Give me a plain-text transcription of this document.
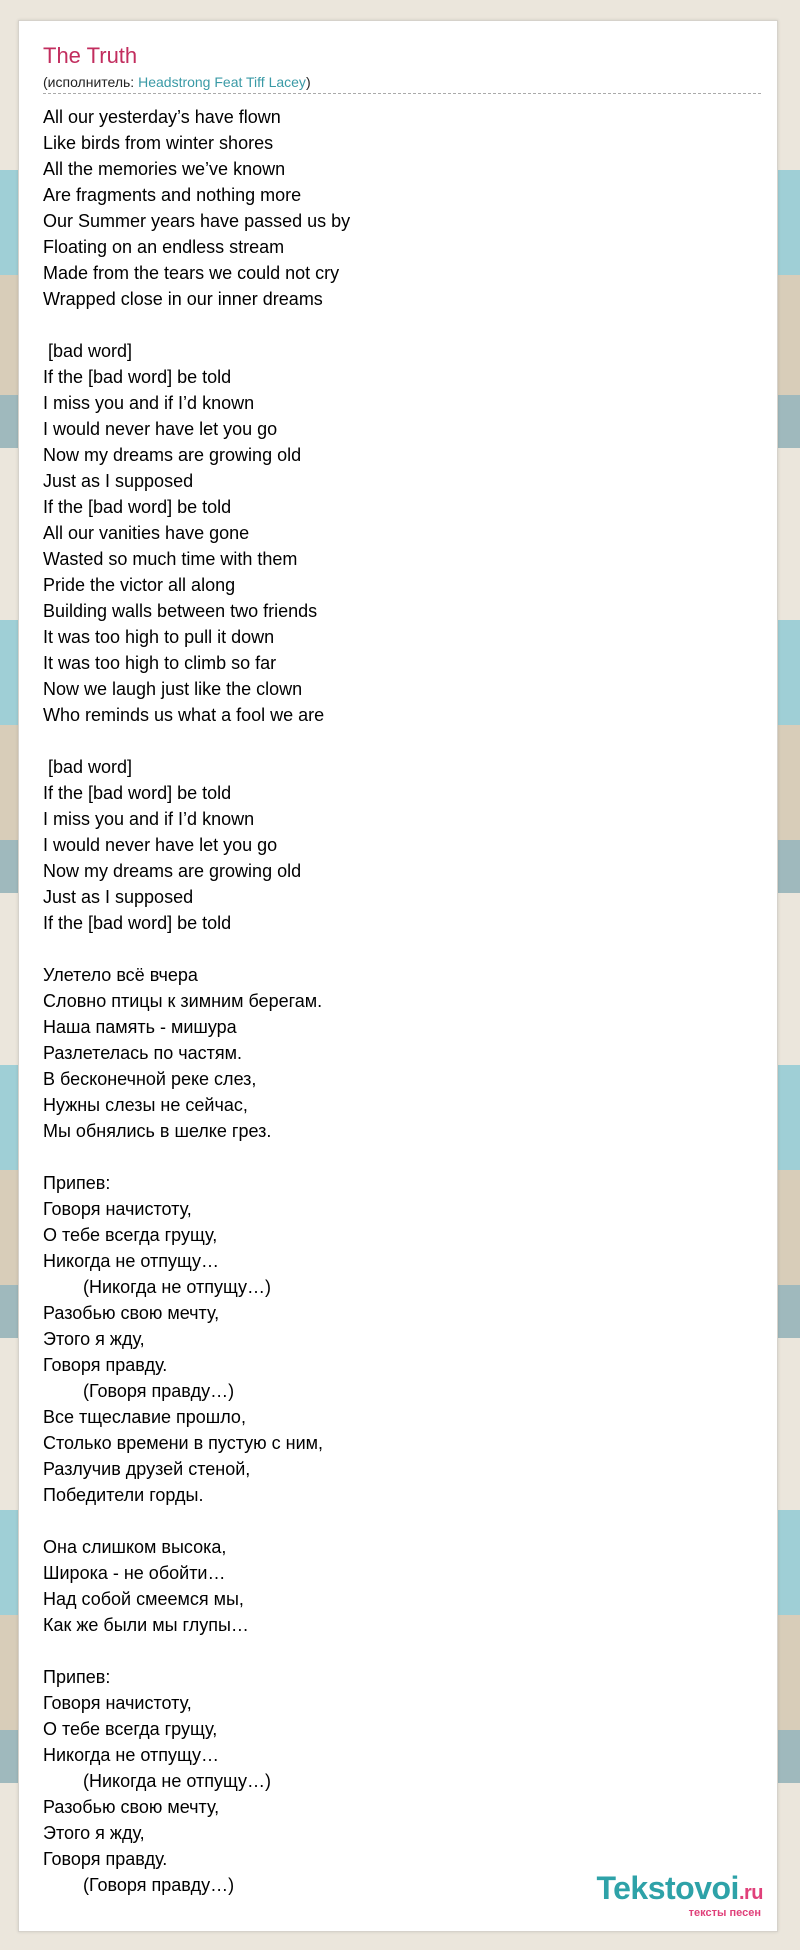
The Truth
(исполнитель: Headstrong Feat Tiff Lacey)
All our yesterday’s have flown
Like birds from winter shores
All the memories we’ve known
Are fragments and nothing more
Our Summer years have passed us by
Floating on an endless stream
Made from the tears we could not cry
Wrapped close in our inner dreams
[bad word]
If the [bad word] be told
I miss you and if I’d known
I would never have let you go
Now my dreams are growing old
Just as I supposed
If the [bad word] be told
All our vanities have gone
Wasted so much time with them
Pride the victor all along
Building walls between two friends
It was too high to pull it down
It was too high to climb so far
Now we laugh just like the clown
Who reminds us what a fool we are
[bad word]
If the [bad word] be told
I miss you and if I’d known
I would never have let you go
Now my dreams are growing old
Just as I supposed
If the [bad word] be told
Улетело всё вчера
Словно птицы к зимним берегам.
Наша память - мишура
Разлетелась по частям.
В бесконечной реке слез,
Нужны слезы не сейчас,
Мы обнялись в шелке грез.
Припев:
Говоря начистоту,
О тебе всегда грущу,
Никогда не отпущу…
(Никогда не отпущу…)
Разобью свою мечту,
Этого я жду,
Говоря правду.
(Говоря правду…)
Все тщеславие прошло,
Столько времени в пустую с ним,
Разлучив друзей стеной,
Победители горды.
Она слишком высока,
Широка - не обойти…
Над собой смеемся мы,
Как же были мы глупы…
Припев:
Говоря начистоту,
О тебе всегда грущу,
Никогда не отпущу…
(Никогда не отпущу…)
Разобью свою мечту,
Этого я жду,
Говоря правду.
(Говоря правду…)	Tekstovoi.ru
тексты песен
